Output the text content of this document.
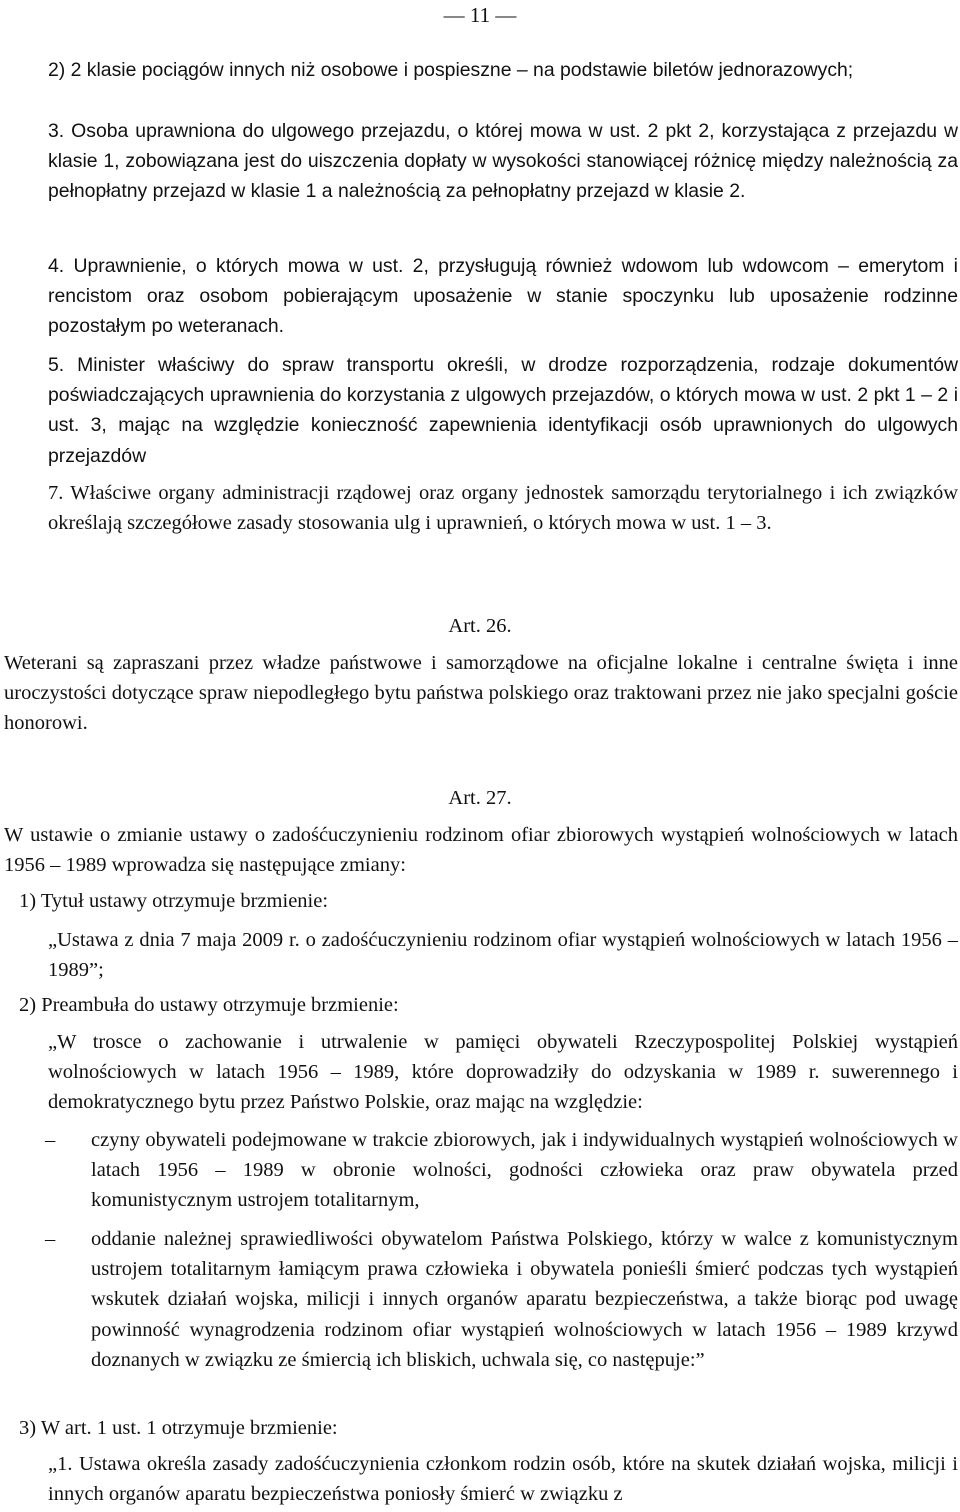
— 11 —

2) 2 klasie pociągów innych niż osobowe i pospieszne – na podstawie biletów jednorazowych;

3. Osoba uprawniona do ulgowego przejazdu, o której mowa w ust. 2 pkt 2, korzystająca z przejazdu w klasie 1, zobowiązana jest do uiszczenia dopłaty w wysokości stanowiącej różnicę między należnością za pełnopłatny przejazd w klasie 1 a należnością za pełnopłatny przejazd w klasie 2.

4. Uprawnienie, o których mowa w ust. 2, przysługują również wdowom lub wdowcom – emerytom i rencistom oraz osobom pobierającym uposażenie w stanie spoczynku lub uposażenie rodzinne pozostałym po weteranach.

5. Minister właściwy do spraw transportu określi, w drodze rozporządzenia, rodzaje dokumentów poświadczających uprawnienia do korzystania z ulgowych przejazdów, o których mowa w ust. 2 pkt 1 – 2 i ust. 3, mając na względzie konieczność zapewnienia identyfikacji osób uprawnionych do ulgowych przejazdów

7. Właściwe organy administracji rządowej oraz organy jednostek samorządu terytorialnego i ich związków określają szczegółowe zasady stosowania ulg i uprawnień, o których mowa w ust. 1 – 3.

Art. 26.

Weterani są zapraszani przez władze państwowe i samorządowe na oficjalne lokalne i centralne święta i inne uroczystości dotyczące spraw niepodległego bytu państwa polskiego oraz traktowani przez nie jako specjalni goście honorowi.

Art. 27.

W ustawie o zmianie ustawy o zadośćuczynieniu rodzinom ofiar zbiorowych wystąpień wolnościowych w latach 1956 – 1989 wprowadza się następujące zmiany:

1) Tytuł ustawy otrzymuje brzmienie:

„Ustawa z dnia 7 maja 2009 r. o zadośćuczynieniu rodzinom ofiar wystąpień wolnościowych w latach 1956 – 1989”;

2) Preambuła do ustawy otrzymuje brzmienie:

„W trosce o zachowanie i utrwalenie w pamięci obywateli Rzeczypospolitej Polskiej wystąpień wolnościowych w latach 1956 – 1989, które doprowadziły do odzyskania w 1989 r. suwerennego i demokratycznego bytu przez Państwo Polskie, oraz mając na względzie:

– czyny obywateli podejmowane w trakcie zbiorowych, jak i indywidualnych wystąpień wolnościowych w latach 1956 – 1989 w obronie wolności, godności człowieka oraz praw obywatela przed komunistycznym ustrojem totalitarnym,

– oddanie należnej sprawiedliwości obywatelom Państwa Polskiego, którzy w walce z komunistycznym ustrojem totalitarnym łamiącym prawa człowieka i obywatela ponieśli śmierć podczas tych wystąpień wskutek działań wojska, milicji i innych organów aparatu bezpieczeństwa, a także biorąc pod uwagę powinność wynagrodzenia rodzinom ofiar wystąpień wolnościowych w latach 1956 – 1989 krzywd doznanych w związku ze śmiercią ich bliskich, uchwala się, co następuje:”

3) W art. 1 ust. 1 otrzymuje brzmienie:

„1. Ustawa określa zasady zadośćuczynienia członkom rodzin osób, które na skutek działań wojska, milicji i innych organów aparatu bezpieczeństwa poniosły śmierć w związku z
